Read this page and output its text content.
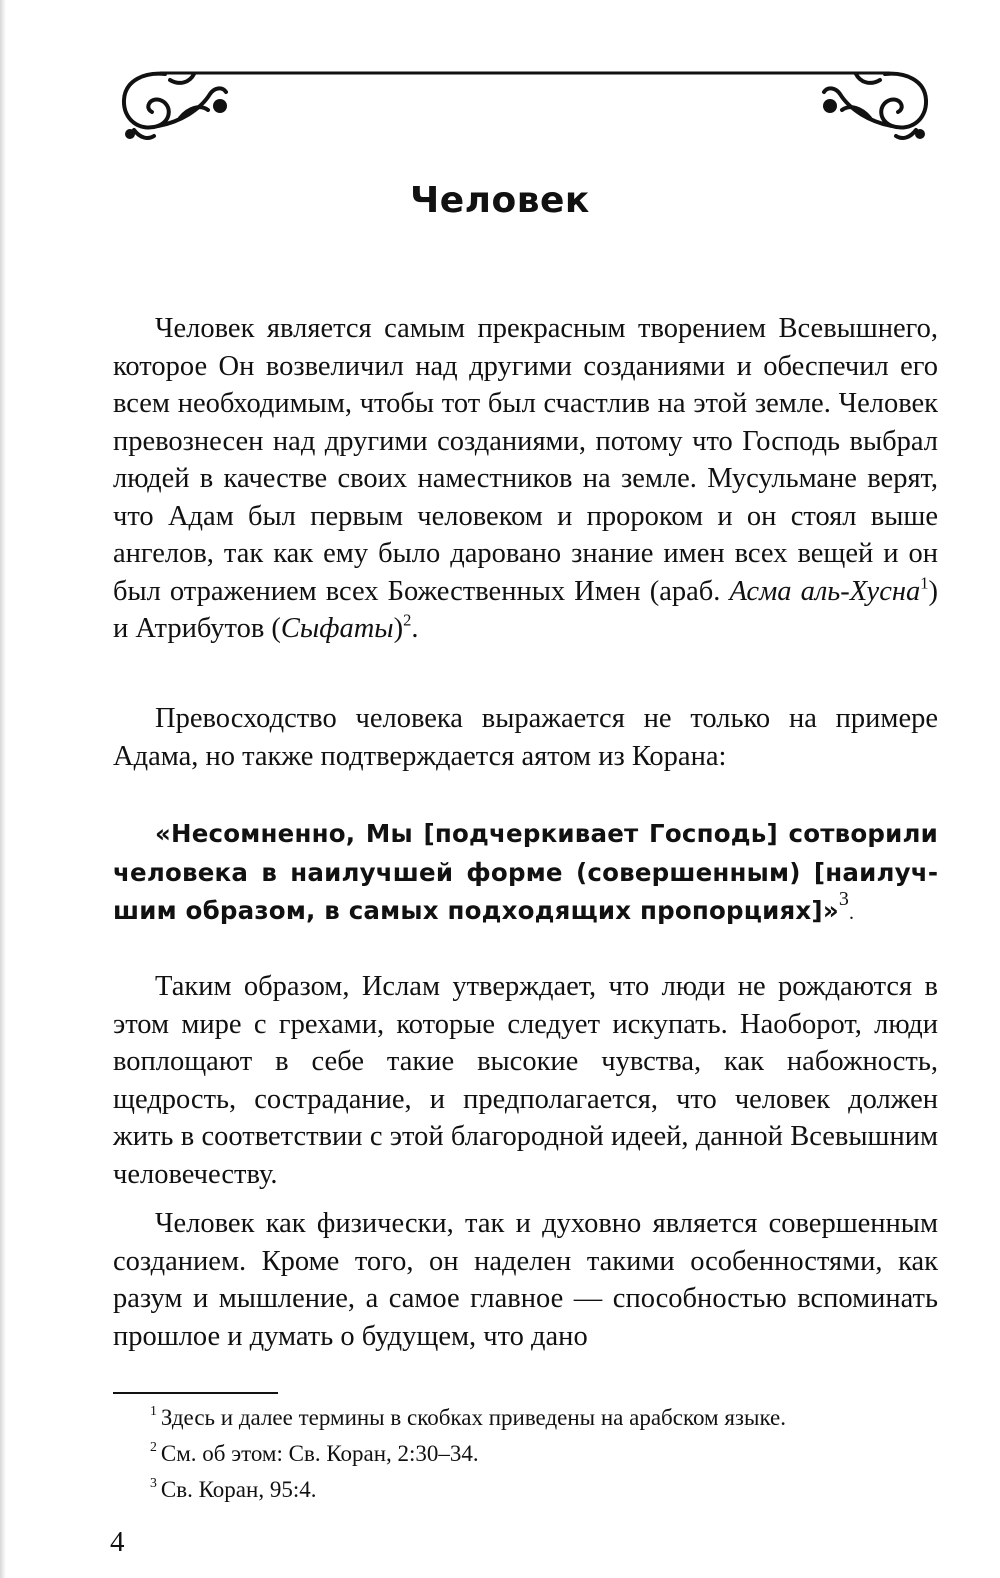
Человек

Человек является самым прекрасным творением Всевышнего, которое Он возвеличил над другими созданиями и обеспечил его всем необходимым, чтобы тот был счастлив на этой земле. Человек превознесен над другими созданиями, потому что Господь выбрал людей в качестве своих наместников на земле. Мусульмане верят, что Адам был первым человеком и пророком и он стоял выше ангелов, так как ему было даровано знание имен всех вещей и он был отражением всех Божественных Имен (араб. Асма аль-Хусна$^1$) и Атрибутов (Сыфаты)$^2$.

Превосходство человека выражается не только на примере Адама, но также подтверждается аятом из Корана:

«Несомненно, Мы [подчеркивает Господь] сотворили человека в наилучшей форме (совершенным) [наилучшим образом, в самых подходящих пропорциях]»$^3$.

Таким образом, Ислам утверждает, что люди не рождаются в этом мире с грехами, которые следует искупать. Наоборот, люди воплощают в себе такие высокие чувства, как набожность, щедрость, сострадание, и предполагается, что человек должен жить в соответствии с этой благородной идеей, данной Всевышним человечеству.

Человек как физически, так и духовно является совершенным созданием. Кроме того, он наделен такими особенностями, как разум и мышление, а самое главное — способностью вспоминать прошлое и думать о будущем, что дано

$^1$ Здесь и далее термины в скобках приведены на арабском языке.
$^2$ См. об этом: Св. Коран, 2:30–34.
$^3$ Св. Коран, 95:4.
4
